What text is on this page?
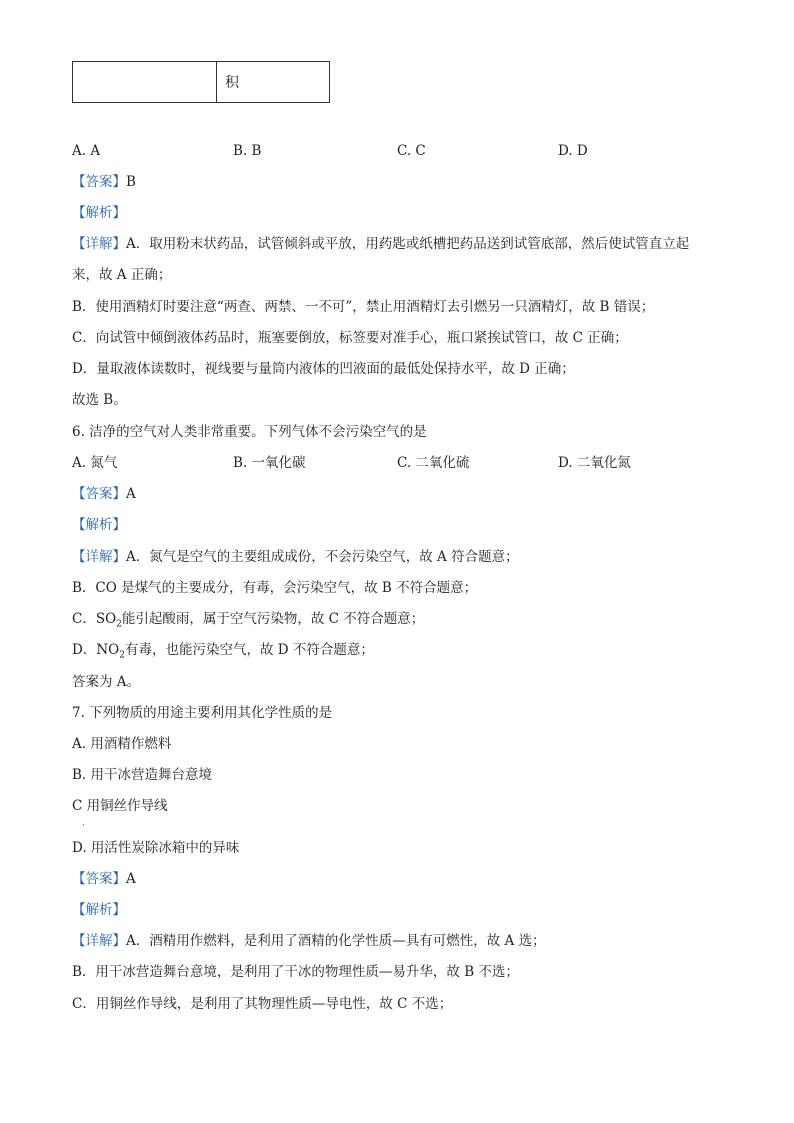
	积
A. A	B. B	C. C	D. D
【答案】B
【解析】
【详解】A．取用粉末状药品，试管倾斜或平放，用药匙或纸槽把药品送到试管底部，然后使试管直立起
来，故 A 正确；
B．使用酒精灯时要注意“两查、两禁、一不可”，禁止用酒精灯去引燃另一只酒精灯，故 B 错误；
C．向试管中倾倒液体药品时，瓶塞要倒放，标签要对准手心，瓶口紧挨试管口，故 C 正确；
D．量取液体读数时，视线要与量筒内液体的凹液面的最低处保持水平，故 D 正确；
故选 B。
6. 洁净的空气对人类非常重要。下列气体不会污染空气的是
A. 氮气	B. 一氧化碳	C. 二氧化硫	D. 二氧化氮
【答案】A
【解析】
【详解】A．氮气是空气的主要组成成份，不会污染空气，故 A 符合题意；
B．CO 是煤气的主要成分，有毒，会污染空气，故 B 不符合题意；
C．$SO_2$能引起酸雨，属于空气污染物，故 C 不符合题意；
D．$NO_2$有毒，也能污染空气，故 D 不符合题意；
答案为 A。
7. 下列物质的用途主要利用其化学性质的是
A. 用酒精作燃料
B. 用干冰营造舞台意境
C 用铜丝作导线
.
D. 用活性炭除冰箱中的异味
【答案】A
【解析】
【详解】A．酒精用作燃料，是利用了酒精的化学性质—具有可燃性，故 A 选；
B．用干冰营造舞台意境，是利用了干冰的物理性质—易升华，故 B 不选；
C．用铜丝作导线，是利用了其物理性质—导电性，故 C 不选；
